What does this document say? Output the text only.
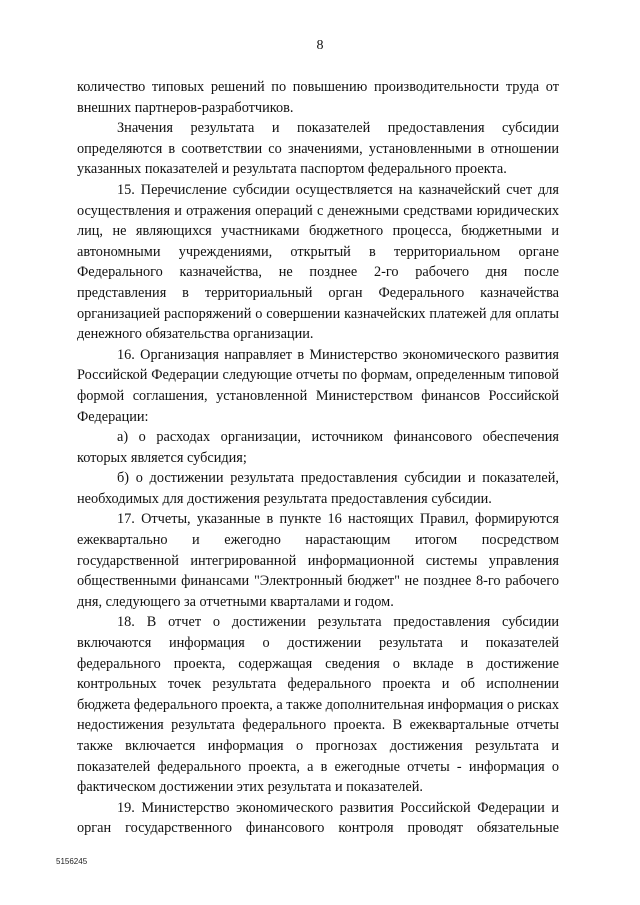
8

количество типовых решений по повышению производительности труда от внешних партнеров-разработчиков.

Значения результата и показателей предоставления субсидии определяются в соответствии со значениями, установленными в отношении указанных показателей и результата паспортом федерального проекта.

15. Перечисление субсидии осуществляется на казначейский счет для осуществления и отражения операций с денежными средствами юридических лиц, не являющихся участниками бюджетного процесса, бюджетными и автономными учреждениями, открытый в территориальном органе Федерального казначейства, не позднее 2-го рабочего дня после представления в территориальный орган Федерального казначейства организацией распоряжений о совершении казначейских платежей для оплаты денежного обязательства организации.

16. Организация направляет в Министерство экономического развития Российской Федерации следующие отчеты по формам, определенным типовой формой соглашения, установленной Министерством финансов Российской Федерации:

а) о расходах организации, источником финансового обеспечения которых является субсидия;

б) о достижении результата предоставления субсидии и показателей, необходимых для достижения результата предоставления субсидии.

17. Отчеты, указанные в пункте 16 настоящих Правил, формируются ежеквартально и ежегодно нарастающим итогом посредством государственной интегрированной информационной системы управления общественными финансами "Электронный бюджет" не позднее 8-го рабочего дня, следующего за отчетными кварталами и годом.

18. В отчет о достижении результата предоставления субсидии включаются информация о достижении результата и показателей федерального проекта, содержащая сведения о вкладе в достижение контрольных точек результата федерального проекта и об исполнении бюджета федерального проекта, а также дополнительная информация о рисках недостижения результата федерального проекта. В ежеквартальные отчеты также включается информация о прогнозах достижения результата и показателей федерального проекта, а в ежегодные отчеты - информация о фактическом достижении этих результата и показателей.

19. Министерство экономического развития Российской Федерации и орган государственного финансового контроля проводят обязательные

5156245
